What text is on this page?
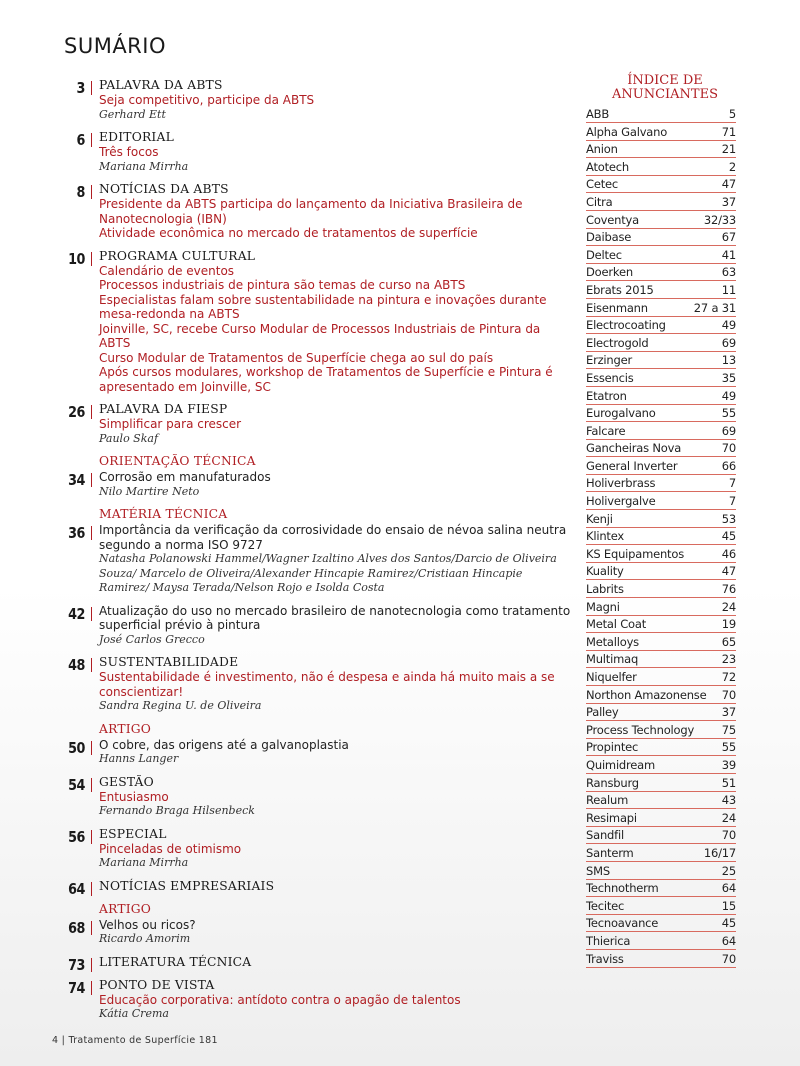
SUMÁRIO
3 PALAVRA DA ABTS
Seja competitivo, participe da ABTS
Gerhard Ett
6 EDITORIAL
Três focos
Mariana Mirrha
8 NOTÍCIAS DA ABTS
Presidente da ABTS participa do lançamento da Iniciativa Brasileira de Nanotecnologia (IBN)
Atividade econômica no mercado de tratamentos de superfície
10 PROGRAMA CULTURAL
Calendário de eventos
Processos industriais de pintura são temas de curso na ABTS
Especialistas falam sobre sustentabilidade na pintura e inovações durante mesa-redonda na ABTS
Joinville, SC, recebe Curso Modular de Processos Industriais de Pintura da ABTS
Curso Modular de Tratamentos de Superfície chega ao sul do país
Após cursos modulares, workshop de Tratamentos de Superfície e Pintura é apresentado em Joinville, SC
26 PALAVRA DA FIESP
Simplificar para crescer
Paulo Skaf
ORIENTAÇÃO TÉCNICA
34 Corrosão em manufaturados
Nilo Martire Neto
MATÉRIA TÉCNICA
36 Importância da verificação da corrosividade do ensaio de névoa salina neutra segundo a norma ISO 9727
Natasha Polanowski Hammel/Wagner Izaltino Alves dos Santos/Darcio de Oliveira Souza/ Marcelo de Oliveira/Alexander Hincapie Ramirez/Cristiaan Hincapie Ramirez/ Maysa Terada/Nelson Rojo e Isolda Costa
42 Atualização do uso no mercado brasileiro de nanotecnologia como tratamento superficial prévio à pintura
José Carlos Grecco
48 SUSTENTABILIDADE
Sustentabilidade é investimento, não é despesa e ainda há muito mais a se conscientizar!
Sandra Regina U. de Oliveira
ARTIGO
50 O cobre, das origens até a galvanoplastia
Hanns Langer
54 GESTÃO
Entusiasmo
Fernando Braga Hilsenbeck
56 ESPECIAL
Pinceladas de otimismo
Mariana Mirrha
64 NOTÍCIAS EMPRESARIAIS
ARTIGO
68 Velhos ou ricos?
Ricardo Amorim
73 LITERATURA TÉCNICA
74 PONTO DE VISTA
Educação corporativa: antídoto contra o apagão de talentos
Kátia Crema
ÍNDICE DE ANUNCIANTES
ABB	5
Alpha Galvano	71
Anion	21
Atotech	2
Cetec	47
Citra	37
Coventya	32/33
Daibase	67
Deltec	41
Doerken	63
Ebrats 2015	11
Eisenmann	27 a 31
Electrocoating	49
Electrogold	69
Erzinger	13
Essencis	35
Etatron	49
Eurogalvano	55
Falcare	69
Gancheiras Nova	70
General Inverter	66
Holiverbrass	7
Holivergalve	7
Kenji	53
Klintex	45
KS Equipamentos	46
Kuality	47
Labrits	76
Magni	24
Metal Coat	19
Metalloys	65
Multimaq	23
Niquelfer	72
Northon Amazonense 70
Palley	37
Process Technology 75
Propintec	55
Quimidream	39
Ransburg	51
Realum	43
Resimapi	24
Sandfil	70
Santerm	16/17
SMS	25
Technotherm	64
Tecitec	15
Tecnoavance	45
Thierica	64
Traviss	70
4 | Tratamento de Superfície 181
